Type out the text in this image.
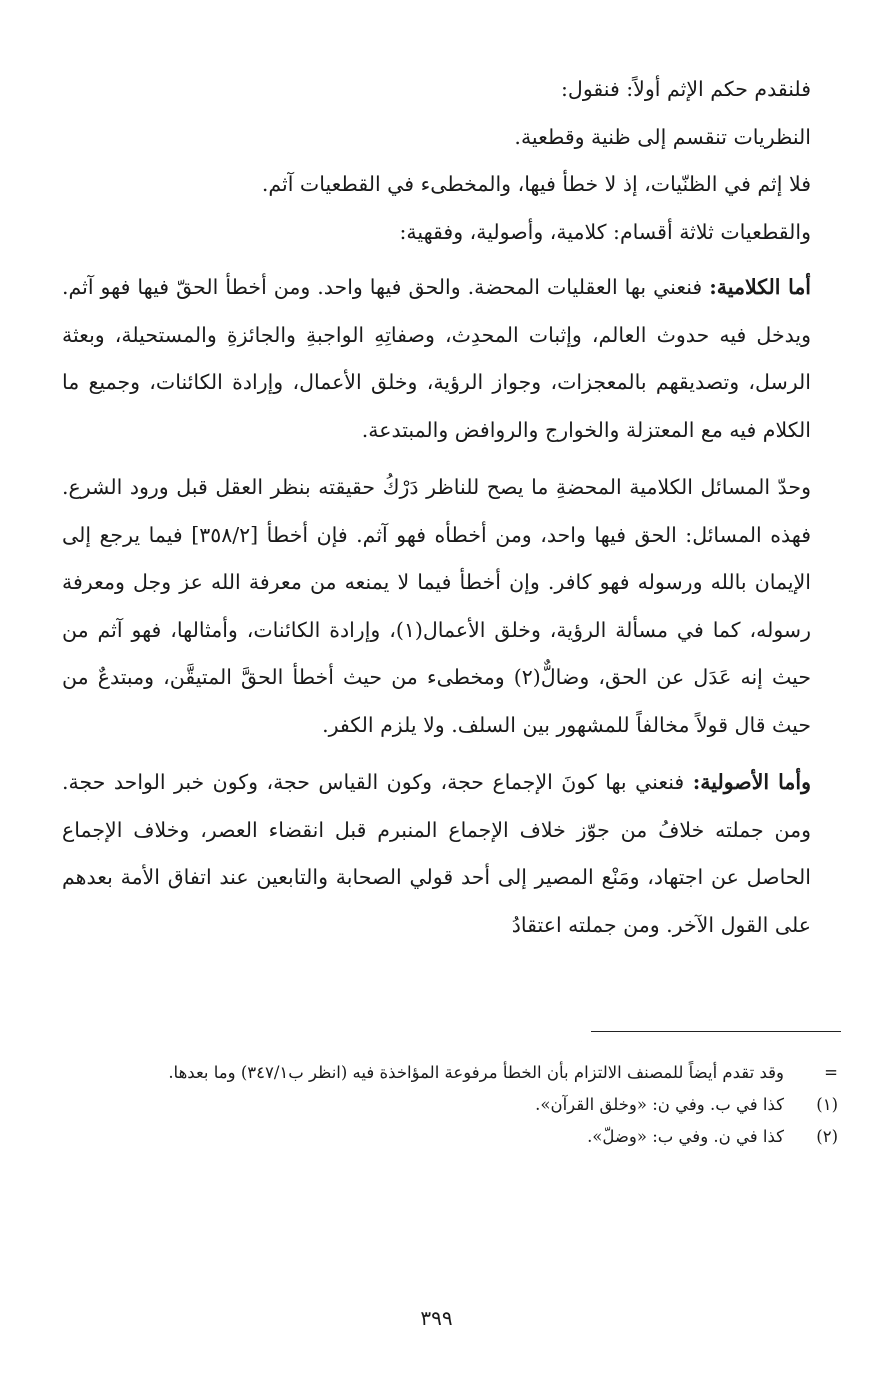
فلنقدم حكم الإثم أولاً: فنقول:

النظريات تنقسم إلى ظنية وقطعية.

فلا إثم في الظنّيات، إذ لا خطأ فيها، والمخطىء في القطعيات آثم.

والقطعيات ثلاثة أقسام: كلامية، وأصولية، وفقهية:

أما الكلامية: فنعني بها العقليات المحضة. والحق فيها واحد. ومن أخطأ الحقّ فيها فهو آثم. ويدخل فيه حدوث العالم، وإثبات المحدِث، وصفاتِهِ الواجبةِ والجائزةِ والمستحيلة، وبعثة الرسل، وتصديقهم بالمعجزات، وجواز الرؤية، وخلق الأعمال، وإرادة الكائنات، وجميع ما الكلام فيه مع المعتزلة والخوارج والروافض والمبتدعة.

وحدّ المسائل الكلامية المحضةِ ما يصح للناظر دَرْكُ حقيقته بنظر العقل قبل ورود الشرع. فهذه المسائل: الحق فيها واحد، ومن أخطأه فهو آثم. فإن أخطأ [٣٥٨/٢] فيما يرجع إلى الإيمان بالله ورسوله فهو كافر. وإن أخطأ فيما لا يمنعه من معرفة الله عز وجل ومعرفة رسوله، كما في مسألة الرؤية، وخلق الأعمال(١)، وإرادة الكائنات، وأمثالها، فهو آثم من حيث إنه عَدَل عن الحق، وضالٌّ(٢) ومخطىء من حيث أخطأ الحقَّ المتيقَّن، ومبتدعٌ من حيث قال قولاً مخالفاً للمشهور بين السلف. ولا يلزم الكفر.

وأما الأصولية: فنعني بها كونَ الإجماع حجة، وكون القياس حجة، وكون خبر الواحد حجة. ومن جملته خلافُ من جوّز خلاف الإجماع المنبرم قبل انقضاء العصر، وخلاف الإجماع الحاصل عن اجتهاد، ومَنْع المصير إلى أحد قولي الصحابة والتابعين عند اتفاق الأمة بعدهم على القول الآخر. ومن جملته اعتقادُ

=
وقد تقدم أيضاً للمصنف الالتزام بأن الخطأ مرفوعة المؤاخذة فيه (انظر ب٣٤٧/١) وما بعدها.
(١)
كذا في ب. وفي ن: «وخلق القرآن».
(٢)
كذا في ن. وفي ب: «وضلّ».
٣٩٩
